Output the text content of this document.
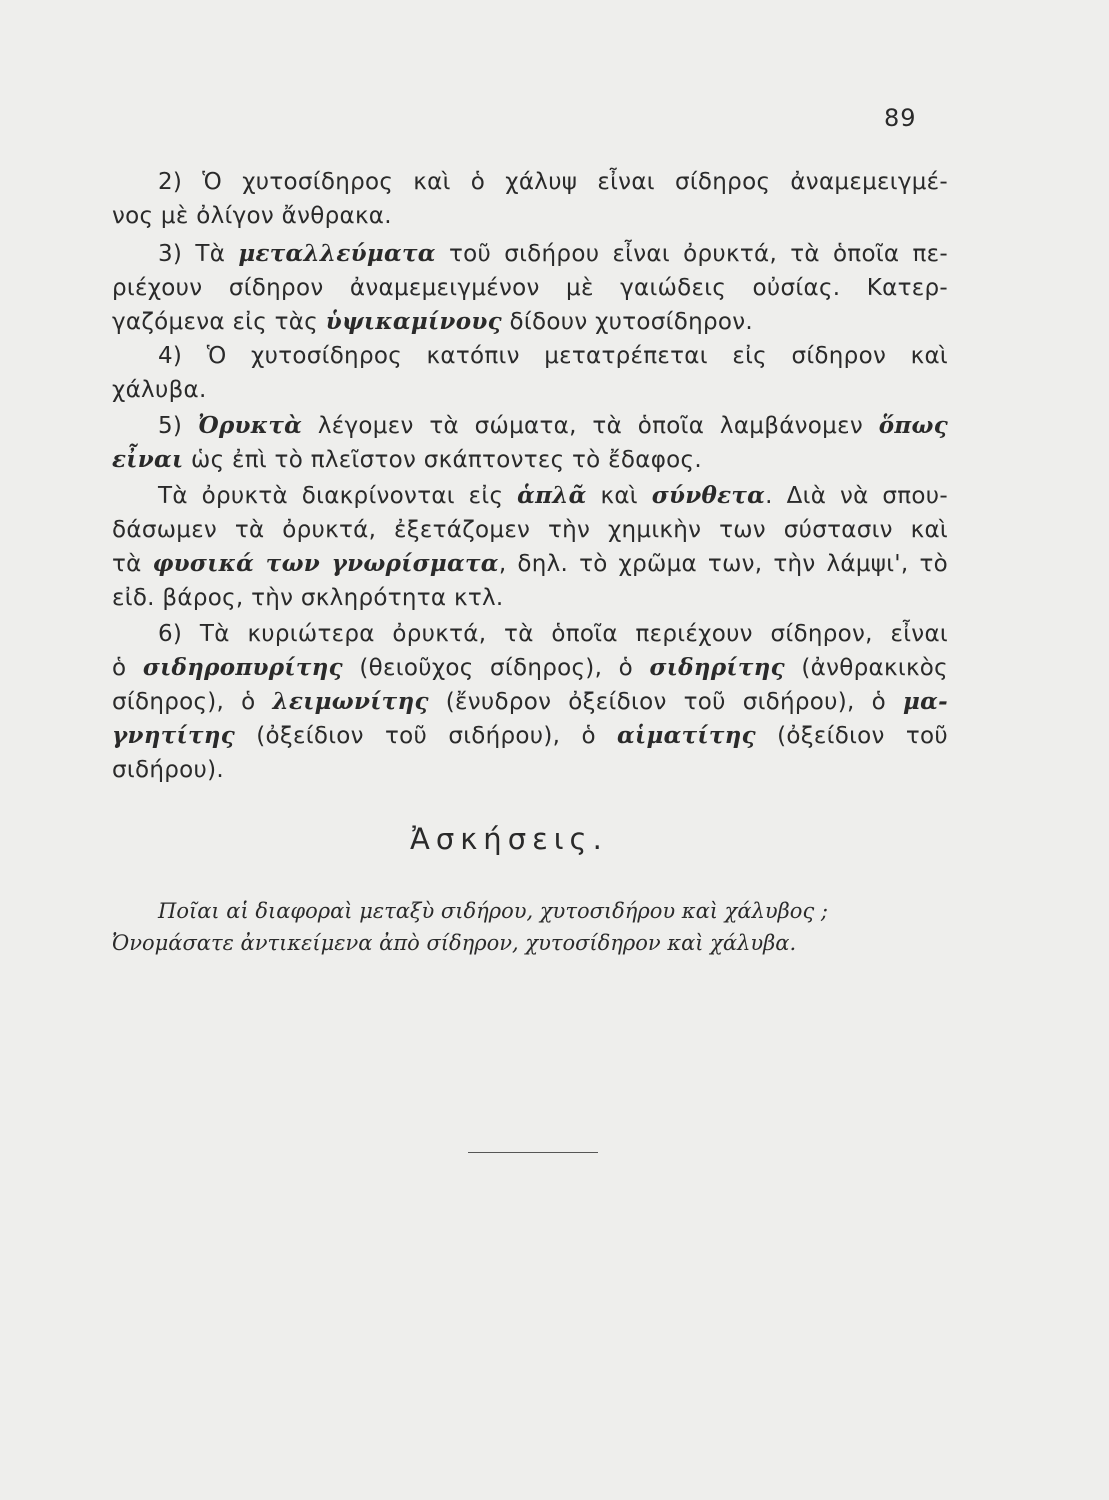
89
2) Ὁ χυτοσίδηρος καὶ ὁ χάλυψ εἶναι σίδηρος ἀναμεμειγμέ-
νος μὲ ὀλίγον ἄνθρακα.
3) Τὰ μεταλλεύματα τοῦ σιδήρου εἶναι ὀρυκτά, τὰ ὁποῖα πε-
ριέχουν σίδηρον ἀναμεμειγμένον μὲ γαιώδεις οὐσίας. Κατερ-
γαζόμενα εἰς τὰς ὑψικαμίνους δίδουν χυτοσίδηρον.
4) Ὁ χυτοσίδηρος κατόπιν μετατρέπεται εἰς σίδηρον καὶ
χάλυβα.
5) Ὀρυκτὰ λέγομεν τὰ σώματα, τὰ ὁποῖα λαμβάνομεν ὅπως
εἶναι ὡς ἐπὶ τὸ πλεῖστον σκάπτοντες τὸ ἔδαφος.
Τὰ ὀρυκτὰ διακρίνονται εἰς ἁπλᾶ καὶ σύνθετα. Διὰ νὰ σπου-
δάσωμεν τὰ ὀρυκτά, ἐξετάζομεν τὴν χημικὴν των σύστασιν καὶ
τὰ φυσικά των γνωρίσματα, δηλ. τὸ χρῶμα των, τὴν λάμψι', τὸ
εἰδ. βάρος, τὴν σκληρότητα κτλ.
6) Τὰ κυριώτερα ὀρυκτά, τὰ ὁποῖα περιέχουν σίδηρον, εἶναι
ὁ σιδηροπυρίτης (θειοῦχος σίδηρος), ὁ σιδηρίτης (ἀνθρακικὸς
σίδηρος), ὁ λειμωνίτης (ἔνυδρον ὀξείδιον τοῦ σιδήρου), ὁ μα-
γνητίτης (ὀξείδιον τοῦ σιδήρου), ὁ αἱματίτης (ὀξείδιον τοῦ
σιδήρου).
Ἀσκήσεις.
Ποῖαι αἱ διαφοραὶ μεταξὺ σιδήρου, χυτοσιδήρου καὶ χάλυβος ;
Ὀνομάσατε ἀντικείμενα ἀπὸ σίδηρον, χυτοσίδηρον καὶ χάλυβα.
